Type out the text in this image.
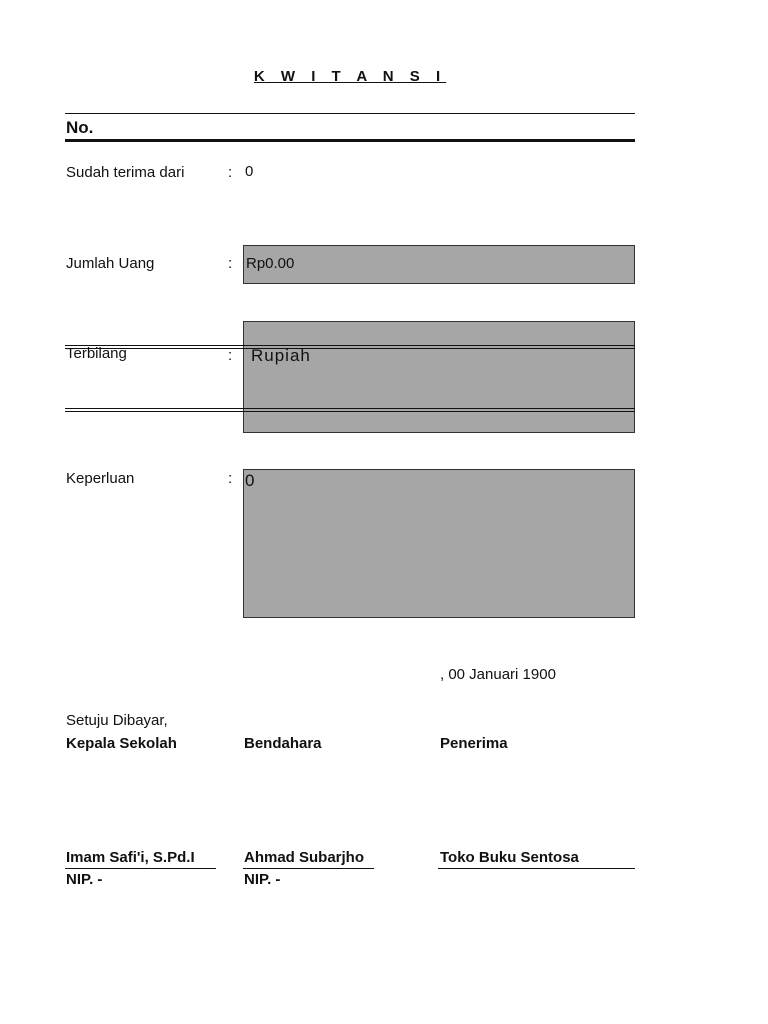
K W I T A N S I
No.
Sudah terima dari	: 0
Jumlah Uang	: Rp0.00
Terbilang	: Rupiah
Keperluan	: 0
, 00 Januari 1900
Setuju Dibayar,
Kepala Sekolah	Bendahara	Penerima
Imam Safi'i, S.Pd.I	Ahmad Subarjho	Toko Buku Sentosa
NIP. -	NIP. -
